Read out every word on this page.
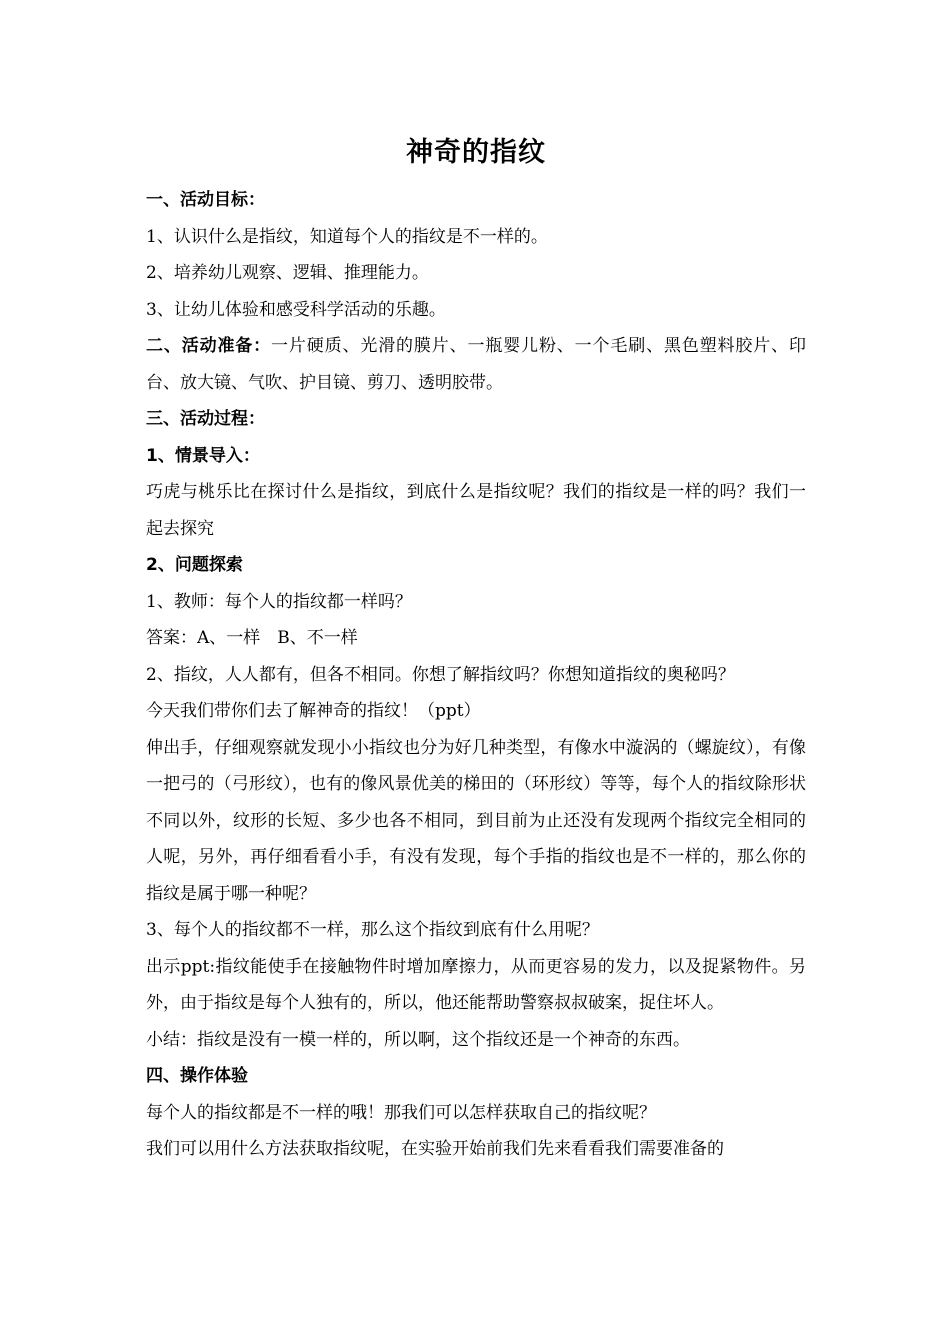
神奇的指纹

一、活动目标：

1、认识什么是指纹，知道每个人的指纹是不一样的。

2、培养幼儿观察、逻辑、推理能力。

3、让幼儿体验和感受科学活动的乐趣。

二、活动准备：一片硬质、光滑的膜片、一瓶婴儿粉、一个毛刷、黑色塑料胶片、印台、放大镜、气吹、护目镜、剪刀、透明胶带。

三、活动过程：

1、情景导入：

巧虎与桃乐比在探讨什么是指纹，到底什么是指纹呢？我们的指纹是一样的吗？我们一起去探究

2、问题探索

1、教师：每个人的指纹都一样吗？

答案：A、一样　B、不一样

2、指纹，人人都有，但各不相同。你想了解指纹吗？你想知道指纹的奥秘吗？

今天我们带你们去了解神奇的指纹！（ppt）

伸出手，仔细观察就发现小小指纹也分为好几种类型，有像水中漩涡的（螺旋纹），有像一把弓的（弓形纹），也有的像风景优美的梯田的（环形纹）等等，每个人的指纹除形状不同以外，纹形的长短、多少也各不相同，到目前为止还没有发现两个指纹完全相同的人呢，另外，再仔细看看小手，有没有发现，每个手指的指纹也是不一样的，那么你的指纹是属于哪一种呢？

3、每个人的指纹都不一样，那么这个指纹到底有什么用呢？

出示ppt:指纹能使手在接触物件时增加摩擦力，从而更容易的发力，以及捉紧物件。另外，由于指纹是每个人独有的，所以，他还能帮助警察叔叔破案，捉住坏人。

小结：指纹是没有一模一样的，所以啊，这个指纹还是一个神奇的东西。

四、操作体验

每个人的指纹都是不一样的哦！那我们可以怎样获取自己的指纹呢？

我们可以用什么方法获取指纹呢，在实验开始前我们先来看看我们需要准备的
